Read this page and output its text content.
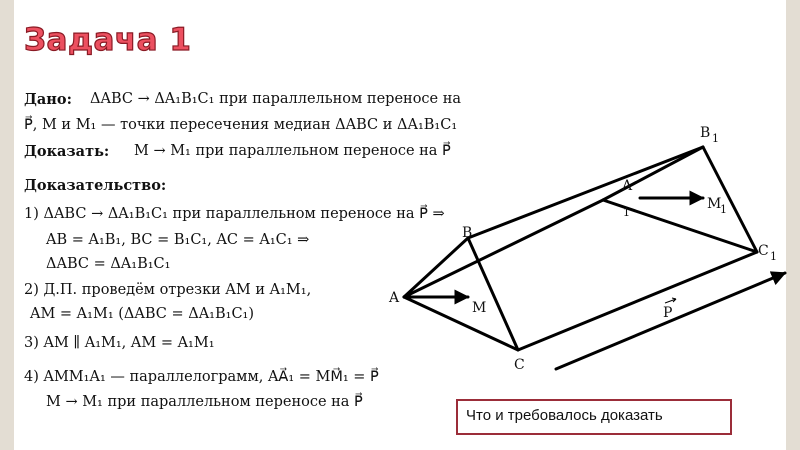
Задача 1
Дано: ΔABC → ΔA₁B₁C₁ при параллельном переносе на
P⃗, M и M₁ — точки пересечения медиан ΔABC и ΔA₁B₁C₁
Доказать: M → M₁ при параллельном переносе на P⃗
Доказательство:
1) ΔABC → ΔA₁B₁C₁ при параллельном переносе на P⃗ ⇒
AB = A₁B₁, BC = B₁C₁, AC = A₁C₁ ⇒
ΔABC = ΔA₁B₁C₁
2) Д.П. проведём отрезки AM и A₁M₁,
AM = A₁M₁ (ΔABC = ΔA₁B₁C₁)
3) AM ∥ A₁M₁, AM = A₁M₁
4) AMM₁A₁ — параллелограмм, AA⃗₁ = MM⃗₁ = P⃗
M → M₁ при параллельном переносе на P⃗
A
B
C
M
A
1
B 1
C 1
M
1
P
Что и требовалось доказать
